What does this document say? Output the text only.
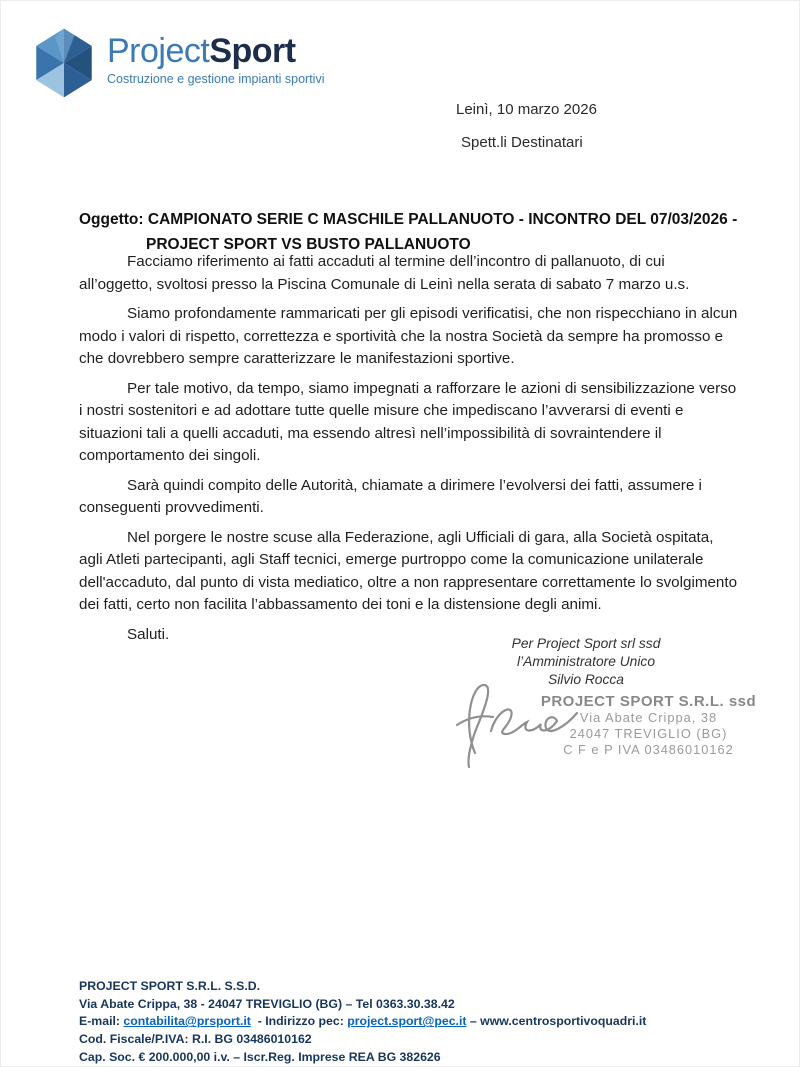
ProjectSport
Costruzione e gestione impianti sportivi
Leinì, 10 marzo 2026
Spett.li Destinatari
Oggetto: CAMPIONATO SERIE C MASCHILE PALLANUOTO - INCONTRO DEL 07/03/2026 - PROJECT SPORT VS BUSTO PALLANUOTO

Facciamo riferimento ai fatti accaduti al termine dell’incontro di pallanuoto, di cui all’oggetto, svoltosi presso la Piscina Comunale di Leinì nella serata di sabato 7 marzo u.s.

Siamo profondamente rammaricati per gli episodi verificatisi, che non rispecchiano in alcun modo i valori di rispetto, correttezza e sportività che la nostra Società da sempre ha promosso e che dovrebbero sempre caratterizzare le manifestazioni sportive.

Per tale motivo, da tempo, siamo impegnati a rafforzare le azioni di sensibilizzazione verso i nostri sostenitori e ad adottare tutte quelle misure che impediscano l’avverarsi di eventi e situazioni tali a quelli accaduti, ma essendo altresì nell’impossibilità di sovraintendere il comportamento dei singoli.

Sarà quindi compito delle Autorità, chiamate a dirimere l’evolversi dei fatti, assumere i conseguenti provvedimenti.

Nel porgere le nostre scuse alla Federazione, agli Ufficiali di gara, alla Società ospitata, agli Atleti partecipanti, agli Staff tecnici, emerge purtroppo come la comunicazione unilaterale dell'accaduto, dal punto di vista mediatico, oltre a non rappresentare correttamente lo svolgimento dei fatti, certo non facilita l’abbassamento dei toni e la distensione degli animi.

Saluti.

Per Project Sport srl ssd
l’Amministratore Unico
Silvio Rocca
PROJECT SPORT S.R.L. ssd
Via Abate Crippa, 38
24047 TREVIGLIO (BG)
C F e P IVA 03486010162
PROJECT SPORT S.R.L. S.S.D.
Via Abate Crippa, 38 - 24047 TREVIGLIO (BG) – Tel 0363.30.38.42
E-mail: contabilita@prsport.it  - Indirizzo pec: project.sport@pec.it – www.centrosportivoquadri.it
Cod. Fiscale/P.IVA: R.I. BG 03486010162
Cap. Soc. € 200.000,00 i.v. – Iscr.Reg. Imprese REA BG 382626
